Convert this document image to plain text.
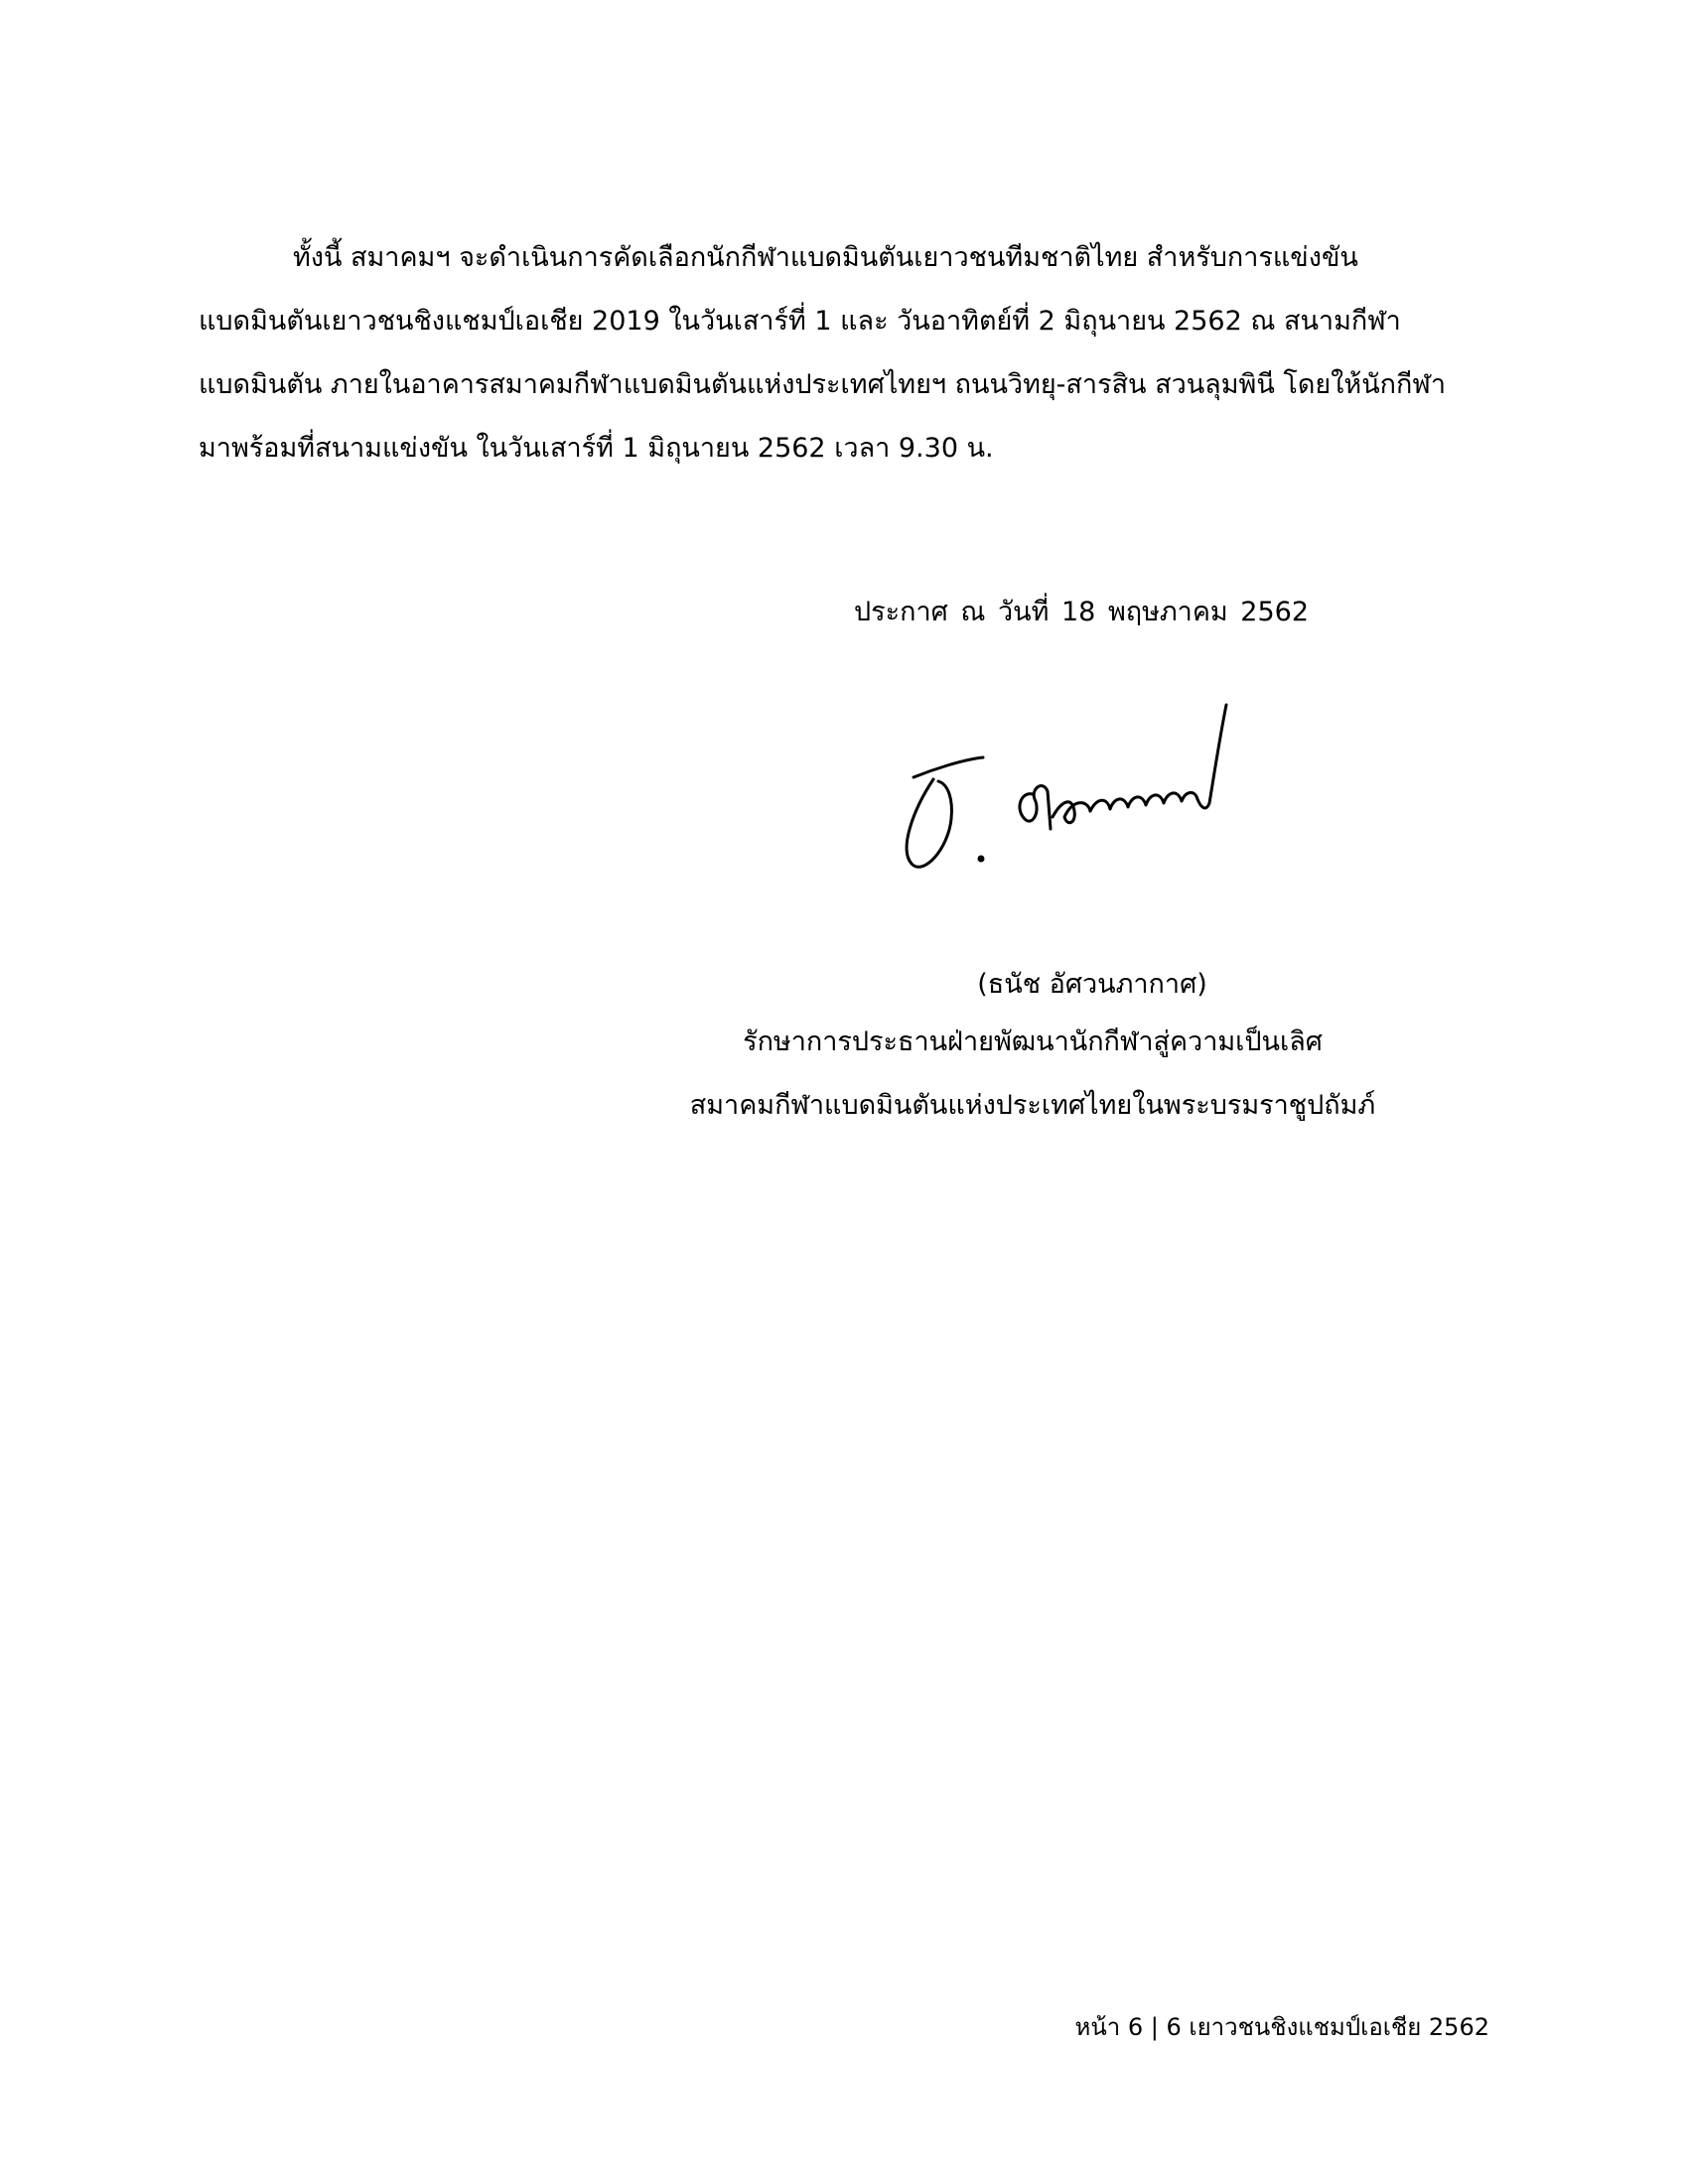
ทั้งนี้ สมาคมฯ จะดำเนินการคัดเลือกนักกีฬาแบดมินตันเยาวชนทีมชาติไทย สำหรับการแข่งขัน
แบดมินตันเยาวชนชิงแชมป์เอเชีย 2019 ในวันเสาร์ที่ 1 และ วันอาทิตย์ที่ 2 มิถุนายน 2562 ณ สนามกีฬา
แบดมินตัน ภายในอาคารสมาคมกีฬาแบดมินตันแห่งประเทศไทยฯ ถนนวิทยุ-สารสิน สวนลุมพินี โดยให้นักกีฬา
มาพร้อมที่สนามแข่งขัน ในวันเสาร์ที่ 1 มิถุนายน 2562 เวลา 9.30 น.
ประกาศ ณ วันที่ 18 พฤษภาคม 2562
(ธนัช อัศวนภากาศ)
รักษาการประธานฝ่ายพัฒนานักกีฬาสู่ความเป็นเลิศ
สมาคมกีฬาแบดมินตันแห่งประเทศไทยในพระบรมราชูปถัมภ์
หน้า 6 | 6 เยาวชนชิงแชมป์เอเชีย 2562
